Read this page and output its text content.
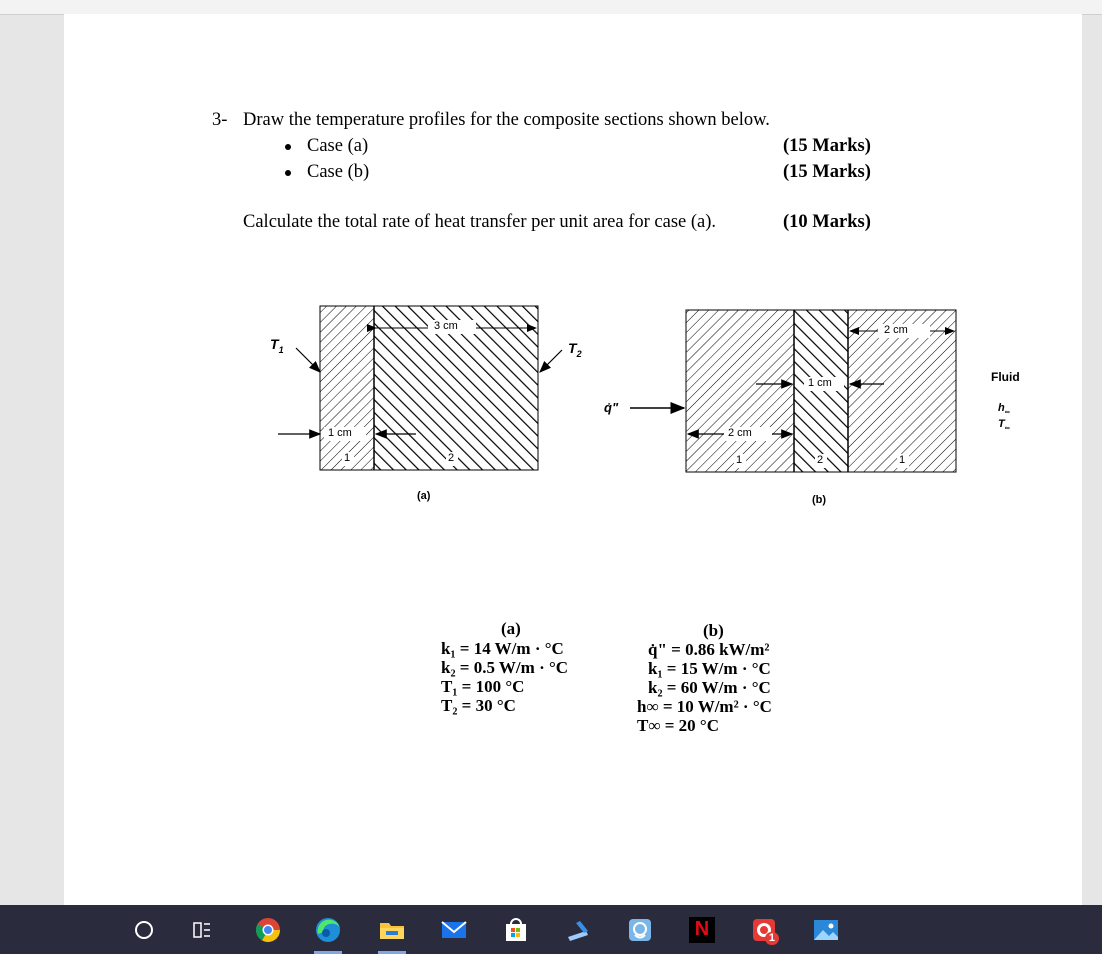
3- Draw the temperature profiles for the composite sections shown below.
Case (a)	(15 Marks)
Case (b)	(15 Marks)
Calculate the total rate of heat transfer per unit area for case (a).	(10 Marks)
$T_1$	$T_2$
3 cm
1 cm
1	2
(a)
q̇"
2 cm
1 cm
2 cm
1	2	1
(b)
Fluid
$h_\infty$
$T_\infty$
(a)
k₁ = 14 W/m · °C
k₂ = 0.5 W/m · °C
T₁ = 100 °C
T₂ = 30 °C
(b)
q̇" = 0.86 kW/m²
k₁ = 15 W/m · °C
k₂ = 60 W/m · °C
h∞ = 10 W/m² · °C
T∞ = 20 °C
N	1
